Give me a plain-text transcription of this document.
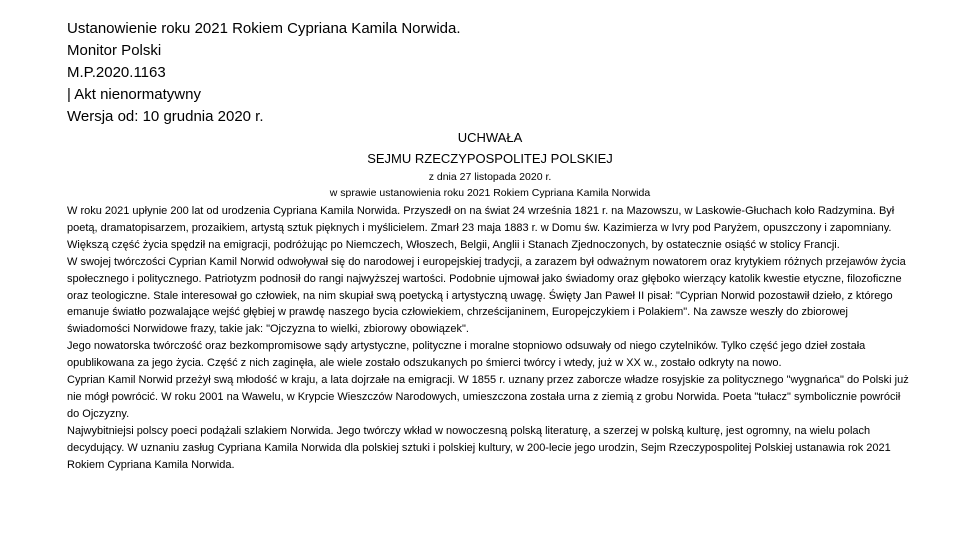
Ustanowienie roku 2021 Rokiem Cypriana Kamila Norwida.
Monitor Polski
M.P.2020.1163
| Akt nienormatywny
Wersja od: 10 grudnia 2020 r.
UCHWAŁA
SEJMU RZECZYPOSPOLITEJ POLSKIEJ
z dnia 27 listopada 2020 r.
w sprawie ustanowienia roku 2021 Rokiem Cypriana Kamila Norwida

W roku 2021 upłynie 200 lat od urodzenia Cypriana Kamila Norwida. Przyszedł on na świat 24 września 1821 r. na Mazowszu, w Laskowie-Głuchach koło Radzymina. Był poetą, dramatopisarzem, prozaikiem, artystą sztuk pięknych i myślicielem. Zmarł 23 maja 1883 r. w Domu św. Kazimierza w Ivry pod Paryżem, opuszczony i zapomniany. Większą część życia spędził na emigracji, podróżując po Niemczech, Włoszech, Belgii, Anglii i Stanach Zjednoczonych, by ostatecznie osiąść w stolicy Francji.

W swojej twórczości Cyprian Kamil Norwid odwoływał się do narodowej i europejskiej tradycji, a zarazem był odważnym nowatorem oraz krytykiem różnych przejawów życia społecznego i politycznego. Patriotyzm podnosił do rangi najwyższej wartości. Podobnie ujmował jako świadomy oraz głęboko wierzący katolik kwestie etyczne, filozoficzne oraz teologiczne. Stale interesował go człowiek, na nim skupiał swą poetycką i artystyczną uwagę. Święty Jan Paweł II pisał: "Cyprian Norwid pozostawił dzieło, z którego emanuje światło pozwalające wejść głębiej w prawdę naszego bycia człowiekiem, chrześcijaninem, Europejczykiem i Polakiem". Na zawsze weszły do zbiorowej świadomości Norwidowe frazy, takie jak: "Ojczyzna to wielki, zbiorowy obowiązek".

Jego nowatorska twórczość oraz bezkompromisowe sądy artystyczne, polityczne i moralne stopniowo odsuwały od niego czytelników. Tylko część jego dzieł została opublikowana za jego życia. Część z nich zaginęła, ale wiele zostało odszukanych po śmierci twórcy i wtedy, już w XX w., zostało odkryty na nowo.

Cyprian Kamil Norwid przeżył swą młodość w kraju, a lata dojrzałe na emigracji. W 1855 r. uznany przez zaborcze władze rosyjskie za politycznego "wygnańca" do Polski już nie mógł powrócić. W roku 2001 na Wawelu, w Krypcie Wieszczów Narodowych, umieszczona została urna z ziemią z grobu Norwida. Poeta "tułacz" symbolicznie powrócił do Ojczyzny.

Najwybitniejsi polscy poeci podążali szlakiem Norwida. Jego twórczy wkład w nowoczesną polską literaturę, a szerzej w polską kulturę, jest ogromny, na wielu polach decydujący. W uznaniu zasług Cypriana Kamila Norwida dla polskiej sztuki i polskiej kultury, w 200-lecie jego urodzin, Sejm Rzeczypospolitej Polskiej ustanawia rok 2021 Rokiem Cypriana Kamila Norwida.
